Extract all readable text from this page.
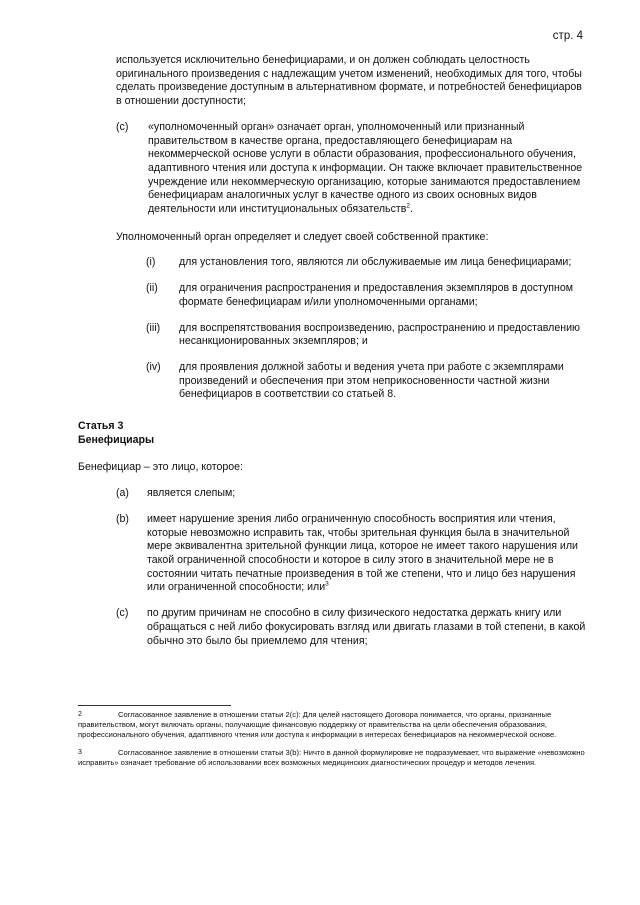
стр. 4

используется исключительно бенефициарами, и он должен соблюдать целостность оригинального произведения с надлежащим учетом изменений, необходимых для того, чтобы сделать произведение доступным в альтернативном формате, и потребностей бенефициаров в отношении доступности;

(c)	«уполномоченный орган» означает орган, уполномоченный или признанный правительством в качестве органа, предоставляющего бенефициарам на некоммерческой основе услуги в области образования, профессионального обучения, адаптивного чтения или доступа к информации. Он также включает правительственное учреждение или некоммерческую организацию, которые занимаются предоставлением бенефициарам аналогичных услуг в качестве одного из своих основных видов деятельности или институциональных обязательств$^2$.

Уполномоченный орган определяет и следует своей собственной практике:

(i)	для установления того, являются ли обслуживаемые им лица бенефициарами;
(ii)	для ограничения распространения и предоставления экземпляров в доступном формате бенефициарам и/или уполномоченными органами;
(iii)	для воспрепятствования воспроизведению, распространению и предоставлению несанкционированных экземпляров; и
(iv)	для проявления должной заботы и ведения учета при работе с экземплярами произведений и обеспечения при этом неприкосновенности частной жизни бенефициаров в соответствии со статьей 8.

Статья 3

Бенефициары

Бенефициар – это лицо, которое:

(a)	является слепым;
(b)	имеет нарушение зрения либо ограниченную способность восприятия или чтения, которые невозможно исправить так, чтобы зрительная функция была в значительной мере эквивалентна зрительной функции лица, которое не имеет такого нарушения или такой ограниченной способности и которое в силу этого в значительной мере не в состоянии читать печатные произведения в той же степени, что и лицо без нарушения или ограниченной способности; или$^3$
(c)	по другим причинам не способно в силу физического недостатка держать книгу или обращаться с ней либо фокусировать взгляд или двигать глазами в той степени, в какой обычно это было бы приемлемо для чтения;

2	Согласованное заявление в отношении статьи 2(c): Для целей настоящего Договора понимается, что органы, признанные правительством, могут включать органы, получающие финансовую поддержку от правительства на цели обеспечения образования, профессионального обучения, адаптивного чтения или доступа к информации в интересах бенефициаров на некоммерческой основе.

3	Согласованное заявление в отношении статьи 3(b): Ничто в данной формулировке не подразумевает, что выражение «невозможно исправить» означает требование об использовании всех возможных медицинских диагностических процедур и методов лечения.
